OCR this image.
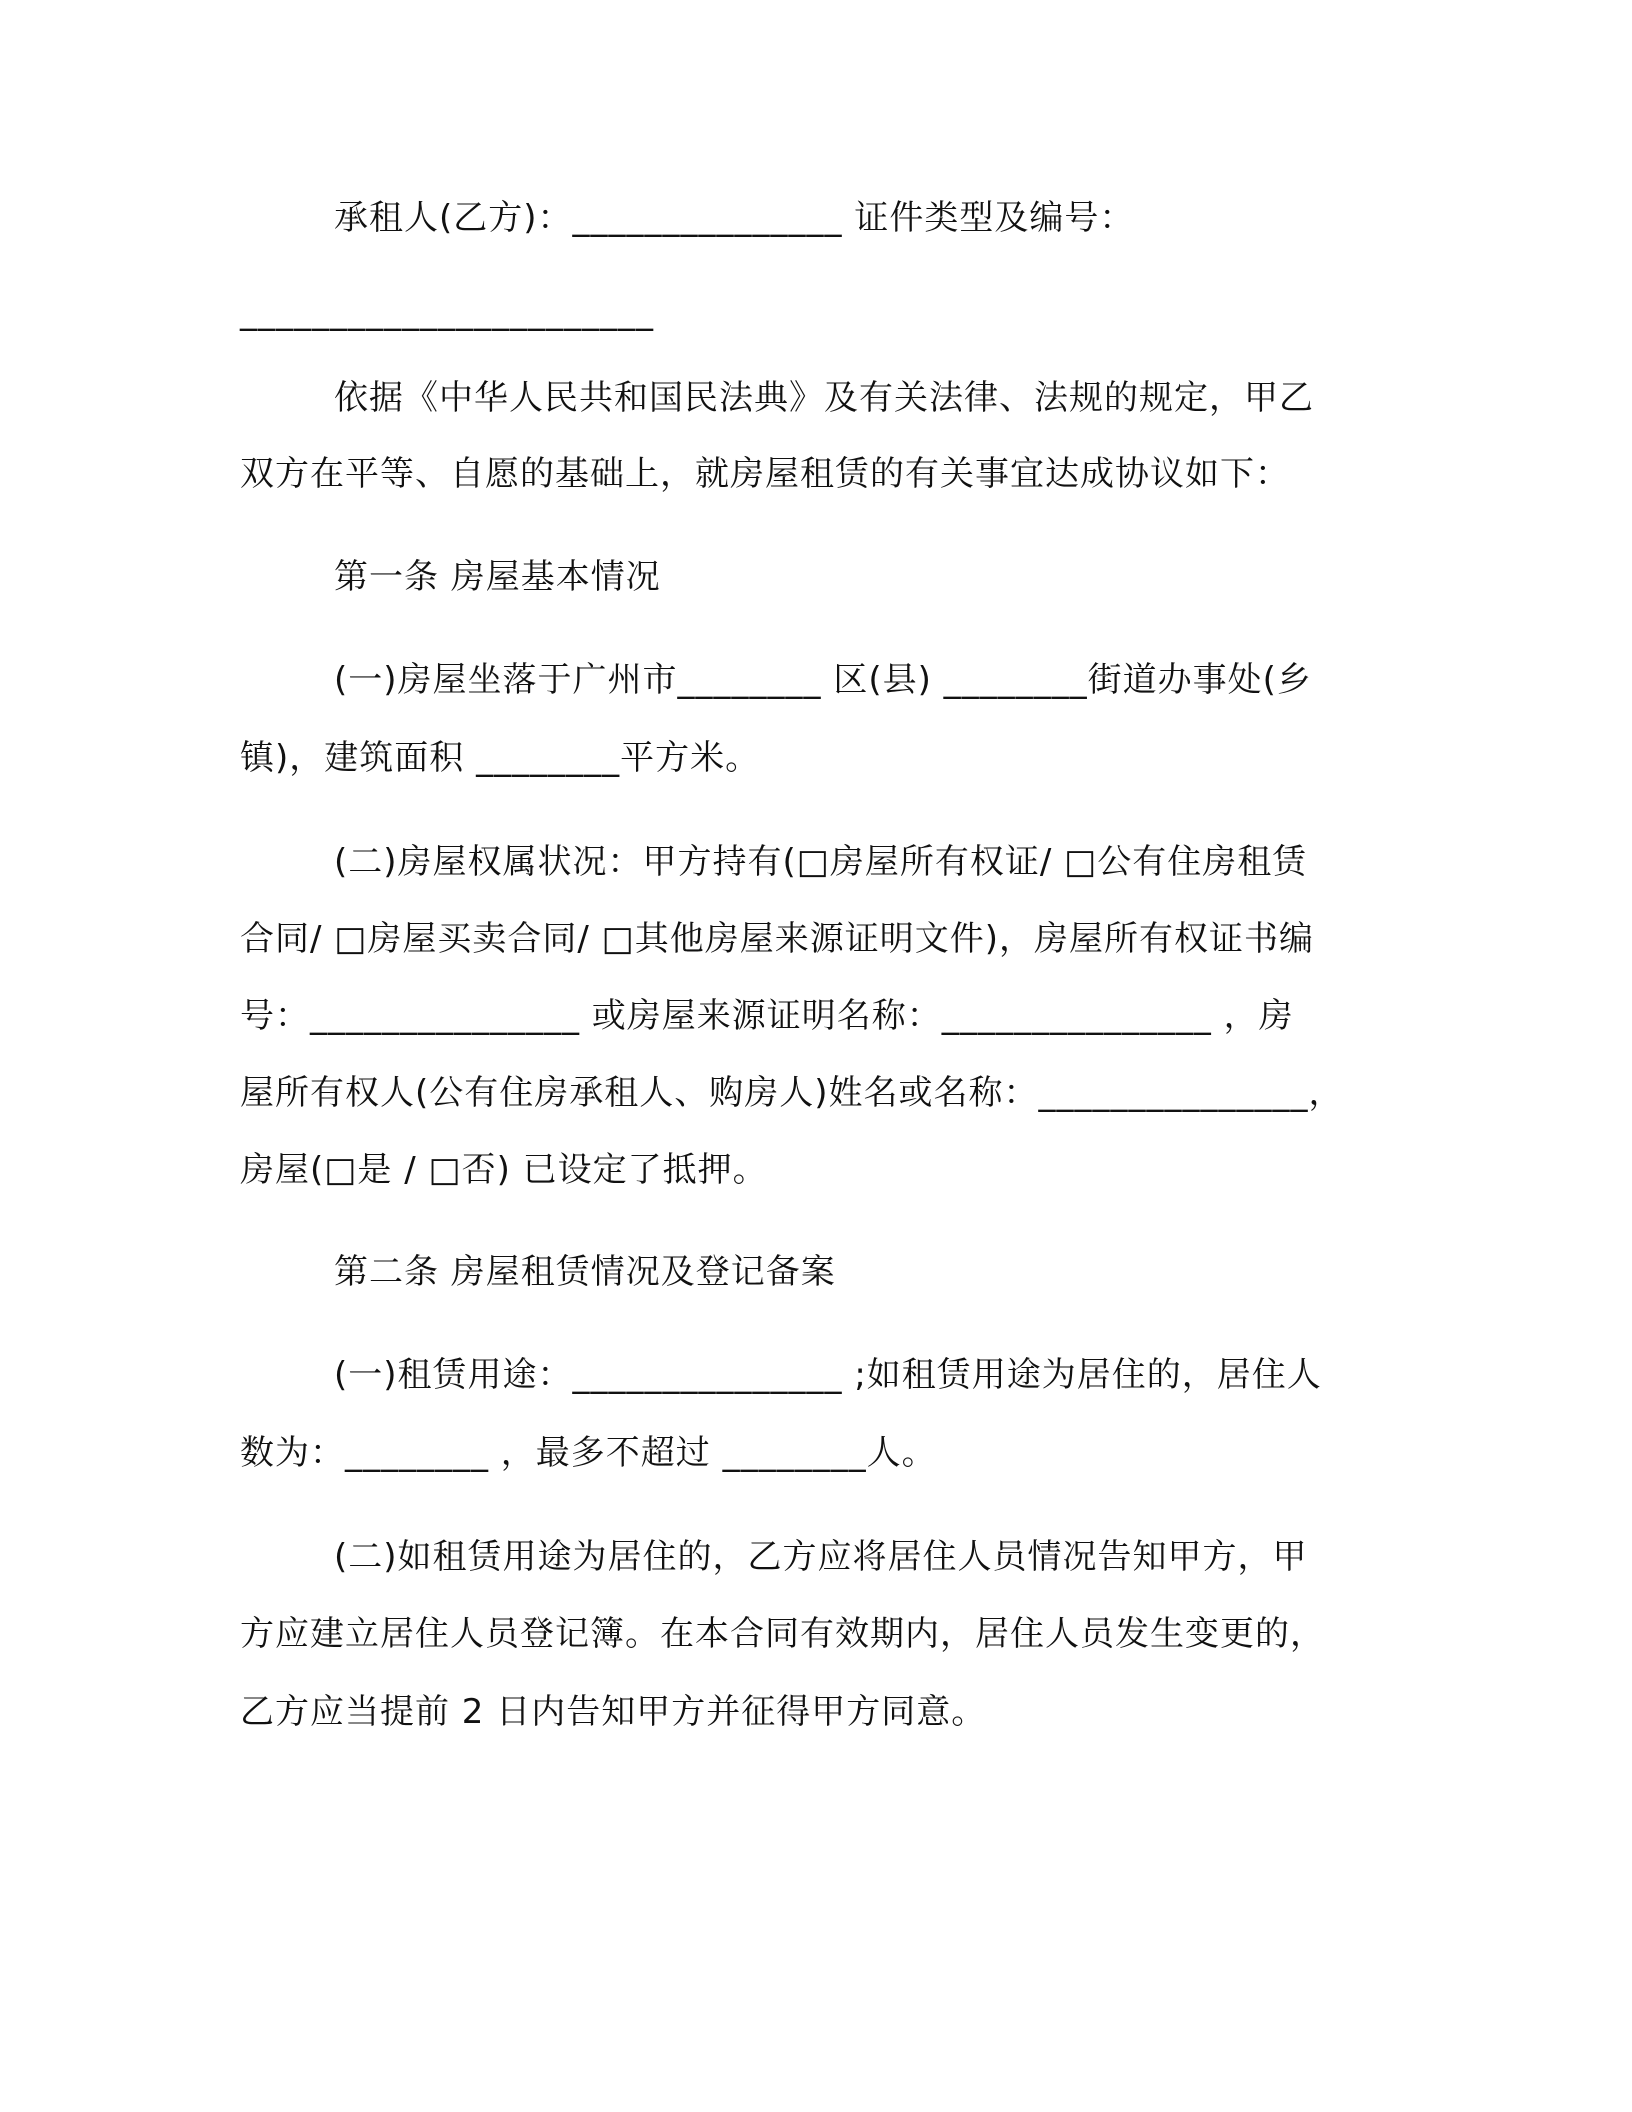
承租人(乙方)：_______________ 证件类型及编号：
_______________________
依据《中华人民共和国民法典》及有关法律、法规的规定，甲乙
双方在平等、自愿的基础上，就房屋租赁的有关事宜达成协议如下：
第一条 房屋基本情况
(一)房屋坐落于广州市________ 区(县) ________街道办事处(乡
镇)，建筑面积 ________平方米。
(二)房屋权属状况：甲方持有(□房屋所有权证/ □公有住房租赁
合同/ □房屋买卖合同/ □其他房屋来源证明文件)，房屋所有权证书编
号：_______________ 或房屋来源证明名称：_______________ ，房
屋所有权人(公有住房承租人、购房人)姓名或名称：_______________，
房屋(□是 / □否) 已设定了抵押。
第二条 房屋租赁情况及登记备案
(一)租赁用途：_______________ ;如租赁用途为居住的，居住人
数为：________ ，最多不超过 ________人。
(二)如租赁用途为居住的，乙方应将居住人员情况告知甲方，甲
方应建立居住人员登记簿。在本合同有效期内，居住人员发生变更的，
乙方应当提前 2 日内告知甲方并征得甲方同意。
